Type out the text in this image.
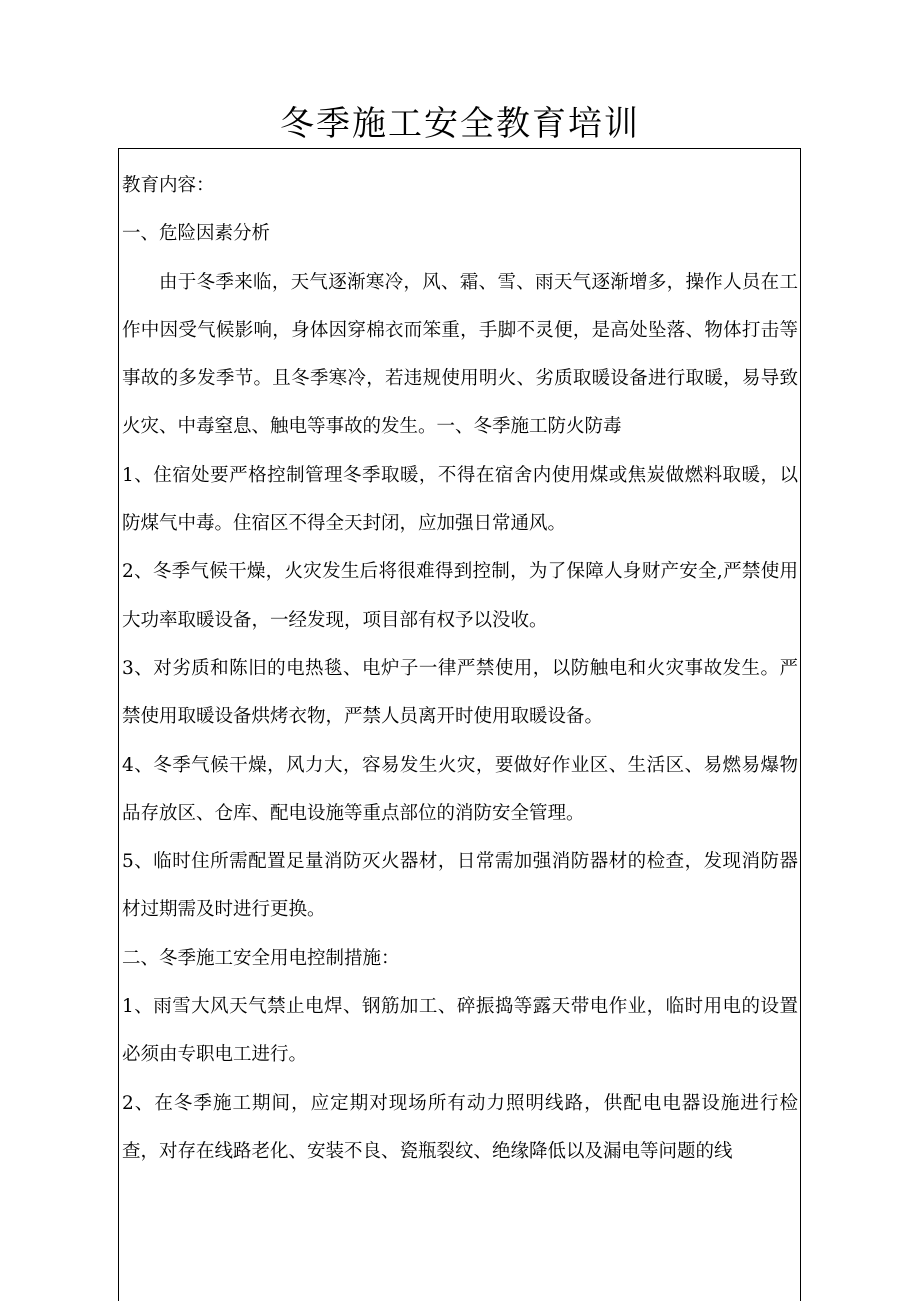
冬季施工安全教育培训

教育内容：

一、危险因素分析

由于冬季来临，天气逐渐寒冷，风、霜、雪、雨天气逐渐增多，操作人员在工作中因受气候影响，身体因穿棉衣而笨重，手脚不灵便，是高处坠落、物体打击等事故的多发季节。且冬季寒冷，若违规使用明火、劣质取暖设备进行取暖，易导致火灾、中毒窒息、触电等事故的发生。一、冬季施工防火防毒

1、住宿处要严格控制管理冬季取暖，不得在宿舍内使用煤或焦炭做燃料取暖，以防煤气中毒。住宿区不得全天封闭，应加强日常通风。

2、冬季气候干燥，火灾发生后将很难得到控制，为了保障人身财产安全,严禁使用大功率取暖设备，一经发现，项目部有权予以没收。

3、对劣质和陈旧的电热毯、电炉子一律严禁使用，以防触电和火灾事故发生。严禁使用取暖设备烘烤衣物，严禁人员离开时使用取暖设备。

4、冬季气候干燥，风力大，容易发生火灾，要做好作业区、生活区、易燃易爆物品存放区、仓库、配电设施等重点部位的消防安全管理。

5、临时住所需配置足量消防灭火器材，日常需加强消防器材的检查，发现消防器材过期需及时进行更换。

二、冬季施工安全用电控制措施：

1、雨雪大风天气禁止电焊、钢筋加工、碎振捣等露天带电作业，临时用电的设置必须由专职电工进行。

2、在冬季施工期间，应定期对现场所有动力照明线路，供配电电器设施进行检查，对存在线路老化、安装不良、瓷瓶裂纹、绝缘降低以及漏电等问题的线
